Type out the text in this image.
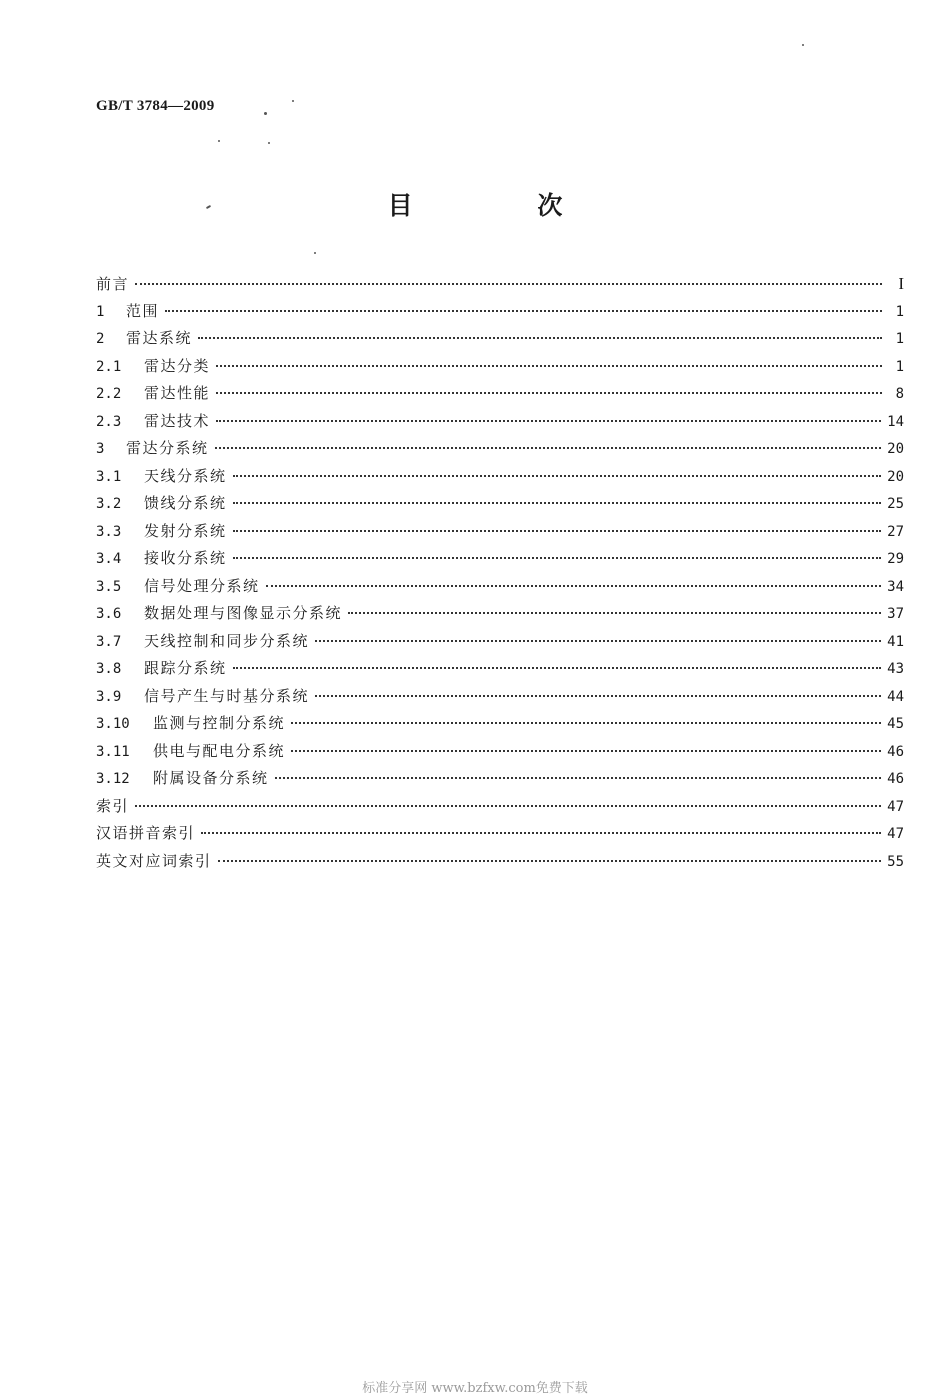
GB/T 3784—2009
目 次
前言	I
1	范围	1
2	雷达系统	1
2.1	雷达分类	1
2.2	雷达性能	8
2.3	雷达技术	14
3	雷达分系统	20
3.1	天线分系统	20
3.2	馈线分系统	25
3.3	发射分系统	27
3.4	接收分系统	29
3.5	信号处理分系统	34
3.6	数据处理与图像显示分系统	37
3.7	天线控制和同步分系统	41
3.8	跟踪分系统	43
3.9	信号产生与时基分系统	44
3.10	监测与控制分系统	45
3.11	供电与配电分系统	46
3.12	附属设备分系统	46
索引	47
汉语拼音索引	47
英文对应词索引	55
标准分享网 www.bzfxw.com免费下载
